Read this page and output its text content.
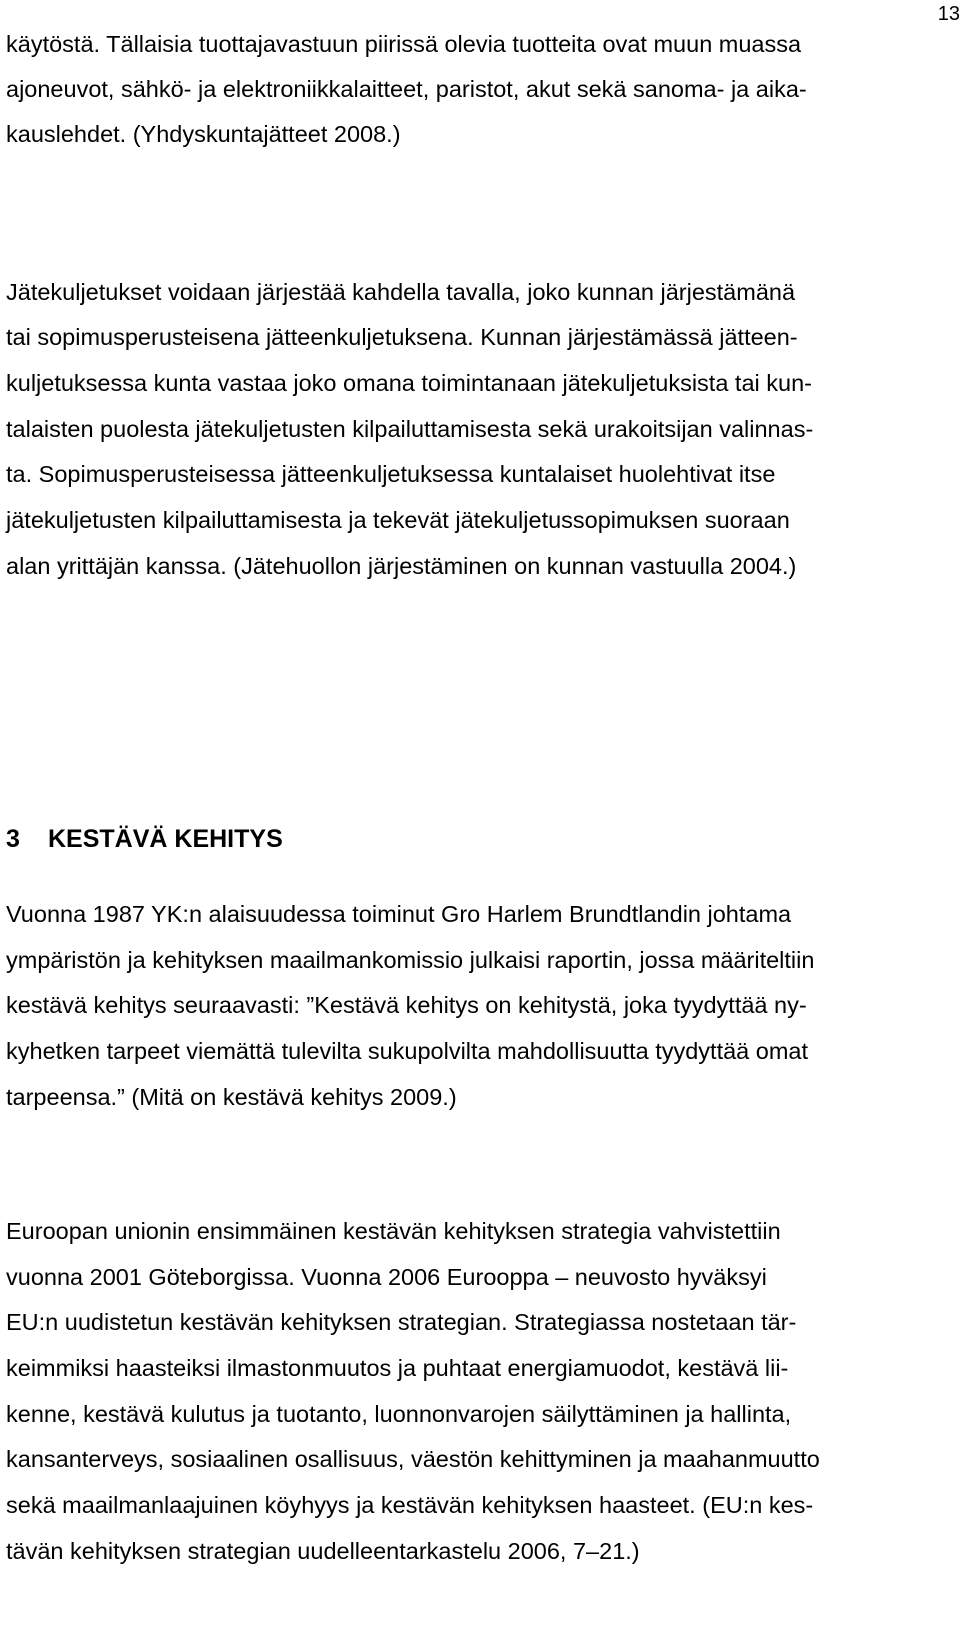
13
käytöstä. Tällaisia tuottajavastuun piirissä olevia tuotteita ovat muun muassa
ajoneuvot, sähkö- ja elektroniikkalaitteet, paristot, akut sekä sanoma- ja aika-
kauslehdet. (Yhdyskuntajätteet 2008.)
Jätekuljetukset voidaan järjestää kahdella tavalla, joko kunnan järjestämänä
tai sopimusperusteisena jätteenkuljetuksena. Kunnan järjestämässä jätteen-
kuljetuksessa kunta vastaa joko omana toimintanaan jätekuljetuksista tai kun-
talaisten puolesta jätekuljetusten kilpailuttamisesta sekä urakoitsijan valinnas-
ta. Sopimusperusteisessa jätteenkuljetuksessa kuntalaiset huolehtivat itse
jätekuljetusten kilpailuttamisesta ja tekevät jätekuljetussopimuksen suoraan
alan yrittäjän kanssa. (Jätehuollon järjestäminen on kunnan vastuulla 2004.)
3 KESTÄVÄ KEHITYS
Vuonna 1987 YK:n alaisuudessa toiminut Gro Harlem Brundtlandin johtama
ympäristön ja kehityksen maailmankomissio julkaisi raportin, jossa määriteltiin
kestävä kehitys seuraavasti: ”Kestävä kehitys on kehitystä, joka tyydyttää ny-
kyhetken tarpeet viemättä tulevilta sukupolvilta mahdollisuutta tyydyttää omat
tarpeensa.” (Mitä on kestävä kehitys 2009.)
Euroopan unionin ensimmäinen kestävän kehityksen strategia vahvistettiin
vuonna 2001 Göteborgissa. Vuonna 2006 Eurooppa – neuvosto hyväksyi
EU:n uudistetun kestävän kehityksen strategian. Strategiassa nostetaan tär-
keimmiksi haasteiksi ilmastonmuutos ja puhtaat energiamuodot, kestävä lii-
kenne, kestävä kulutus ja tuotanto, luonnonvarojen säilyttäminen ja hallinta,
kansanterveys, sosiaalinen osallisuus, väestön kehittyminen ja maahanmuutto
sekä maailmanlaajuinen köyhyys ja kestävän kehityksen haasteet. (EU:n kes-
tävän kehityksen strategian uudelleentarkastelu 2006, 7–21.)
